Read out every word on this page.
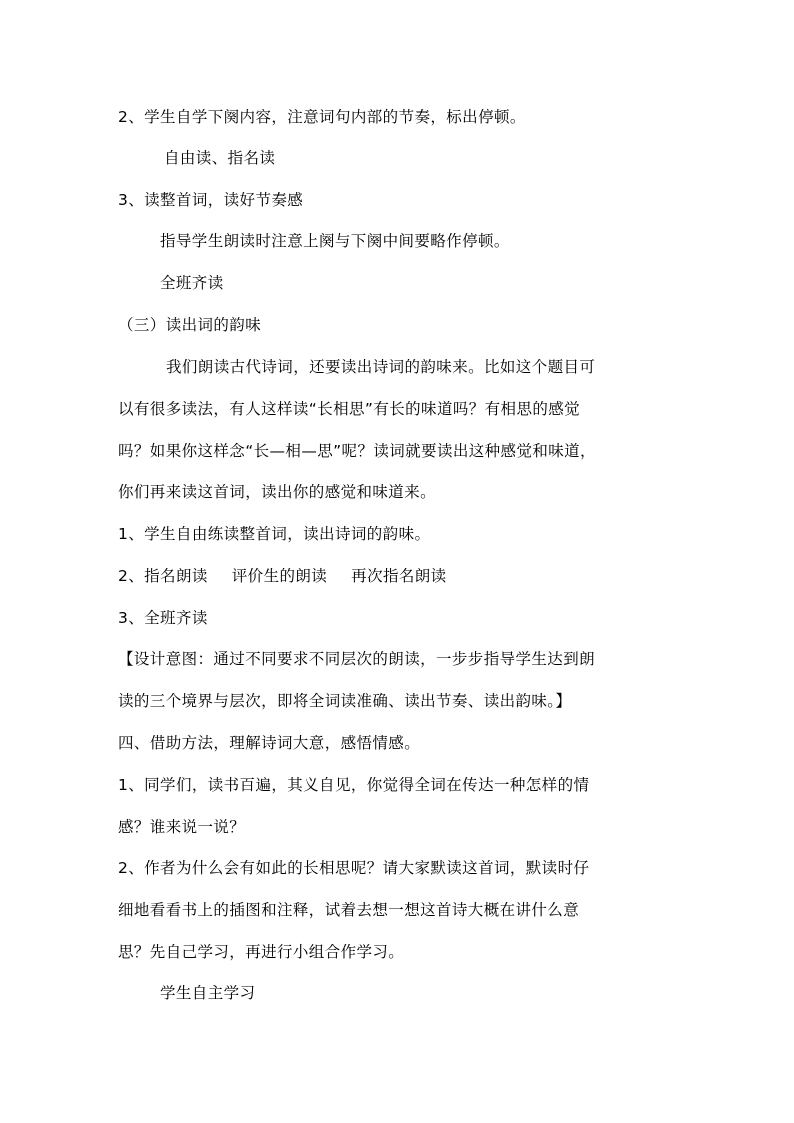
2、学生自学下阕内容，注意词句内部的节奏，标出停顿。
自由读、指名读
3、读整首词，读好节奏感
指导学生朗读时注意上阕与下阕中间要略作停顿。
全班齐读
（三）读出词的韵味
我们朗读古代诗词，还要读出诗词的韵味来。比如这个题目可
以有很多读法，有人这样读“长相思”有长的味道吗？有相思的感觉
吗？如果你这样念“长—相—思”呢？读词就要读出这种感觉和味道，
你们再来读这首词，读出你的感觉和味道来。
1、学生自由练读整首词，读出诗词的韵味。
2、指名朗读 评价生的朗读 再次指名朗读
3、全班齐读
【设计意图：通过不同要求不同层次的朗读，一步步指导学生达到朗
读的三个境界与层次，即将全词读准确、读出节奏、读出韵味。】
四、借助方法，理解诗词大意，感悟情感。
1、同学们，读书百遍，其义自见，你觉得全词在传达一种怎样的情
感？谁来说一说？
2、作者为什么会有如此的长相思呢？请大家默读这首词，默读时仔
细地看看书上的插图和注释，试着去想一想这首诗大概在讲什么意
思？先自己学习，再进行小组合作学习。
学生自主学习
